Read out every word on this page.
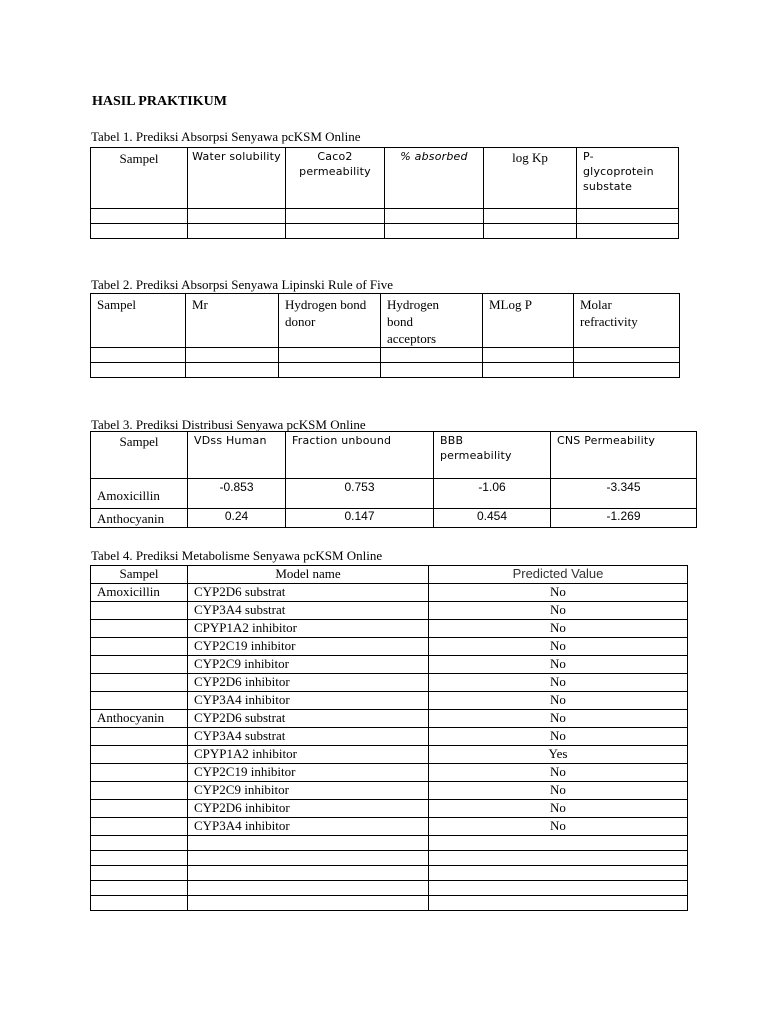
HASIL PRAKTIKUM
Tabel 1. Prediksi Absorpsi Senyawa pcKSM Online
Sampel	Water solubility	Caco2 permeability	% absorbed	log Kp	P-glycoprotein substate

Tabel 2. Prediksi Absorpsi Senyawa Lipinski Rule of Five
Sampel	Mr	Hydrogen bond donor	Hydrogen bond acceptors	MLog P	Molar refractivity

Tabel 3. Prediksi Distribusi Senyawa pcKSM Online
Sampel	VDss Human	Fraction unbound	BBB permeability	CNS Permeability
Amoxicillin	-0.853	0.753	-1.06	-3.345
Anthocyanin	0.24	0.147	0.454	-1.269
Tabel 4. Prediksi Metabolisme Senyawa pcKSM Online
Sampel	Model name	Predicted Value
Amoxicillin	CYP2D6 substrat	No
	CYP3A4 substrat	No
	CPYP1A2 inhibitor	No
	CYP2C19 inhibitor	No
	CYP2C9 inhibitor	No
	CYP2D6 inhibitor	No
	CYP3A4 inhibitor	No
Anthocyanin	CYP2D6 substrat	No
	CYP3A4 substrat	No
	CPYP1A2 inhibitor	Yes
	CYP2C19 inhibitor	No
	CYP2C9 inhibitor	No
	CYP2D6 inhibitor	No
	CYP3A4 inhibitor	No
